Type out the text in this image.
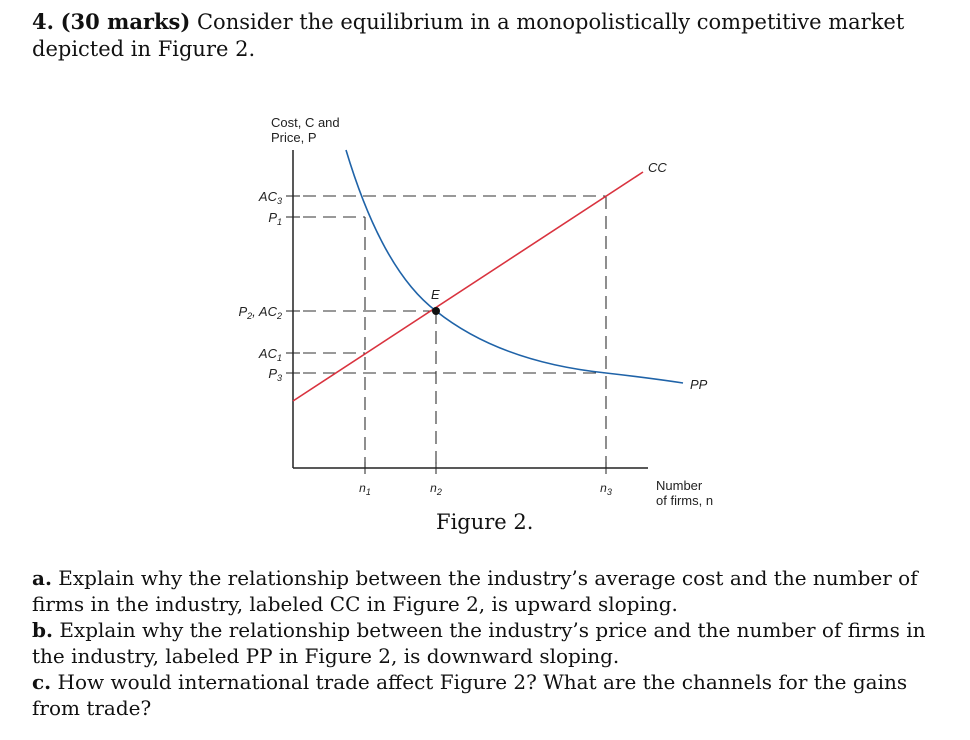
4. (30 marks) Consider the equilibrium in a monopolistically competitive market depicted in Figure 2.
Cost, C and
Price, P
$AC_3$
$P_1$
$P_2$, $AC_2$
$AC_1$
$P_3$
$n_1$	$n_2$	$n_3$	Number
of firms, n
CC
PP
E
Figure 2.

a. Explain why the relationship between the industry’s average cost and the number of firms in the industry, labeled CC in Figure 2, is upward sloping.

b. Explain why the relationship between the industry’s price and the number of firms in the industry, labeled PP in Figure 2, is downward sloping.

c. How would international trade affect Figure 2? What are the channels for the gains from trade?
